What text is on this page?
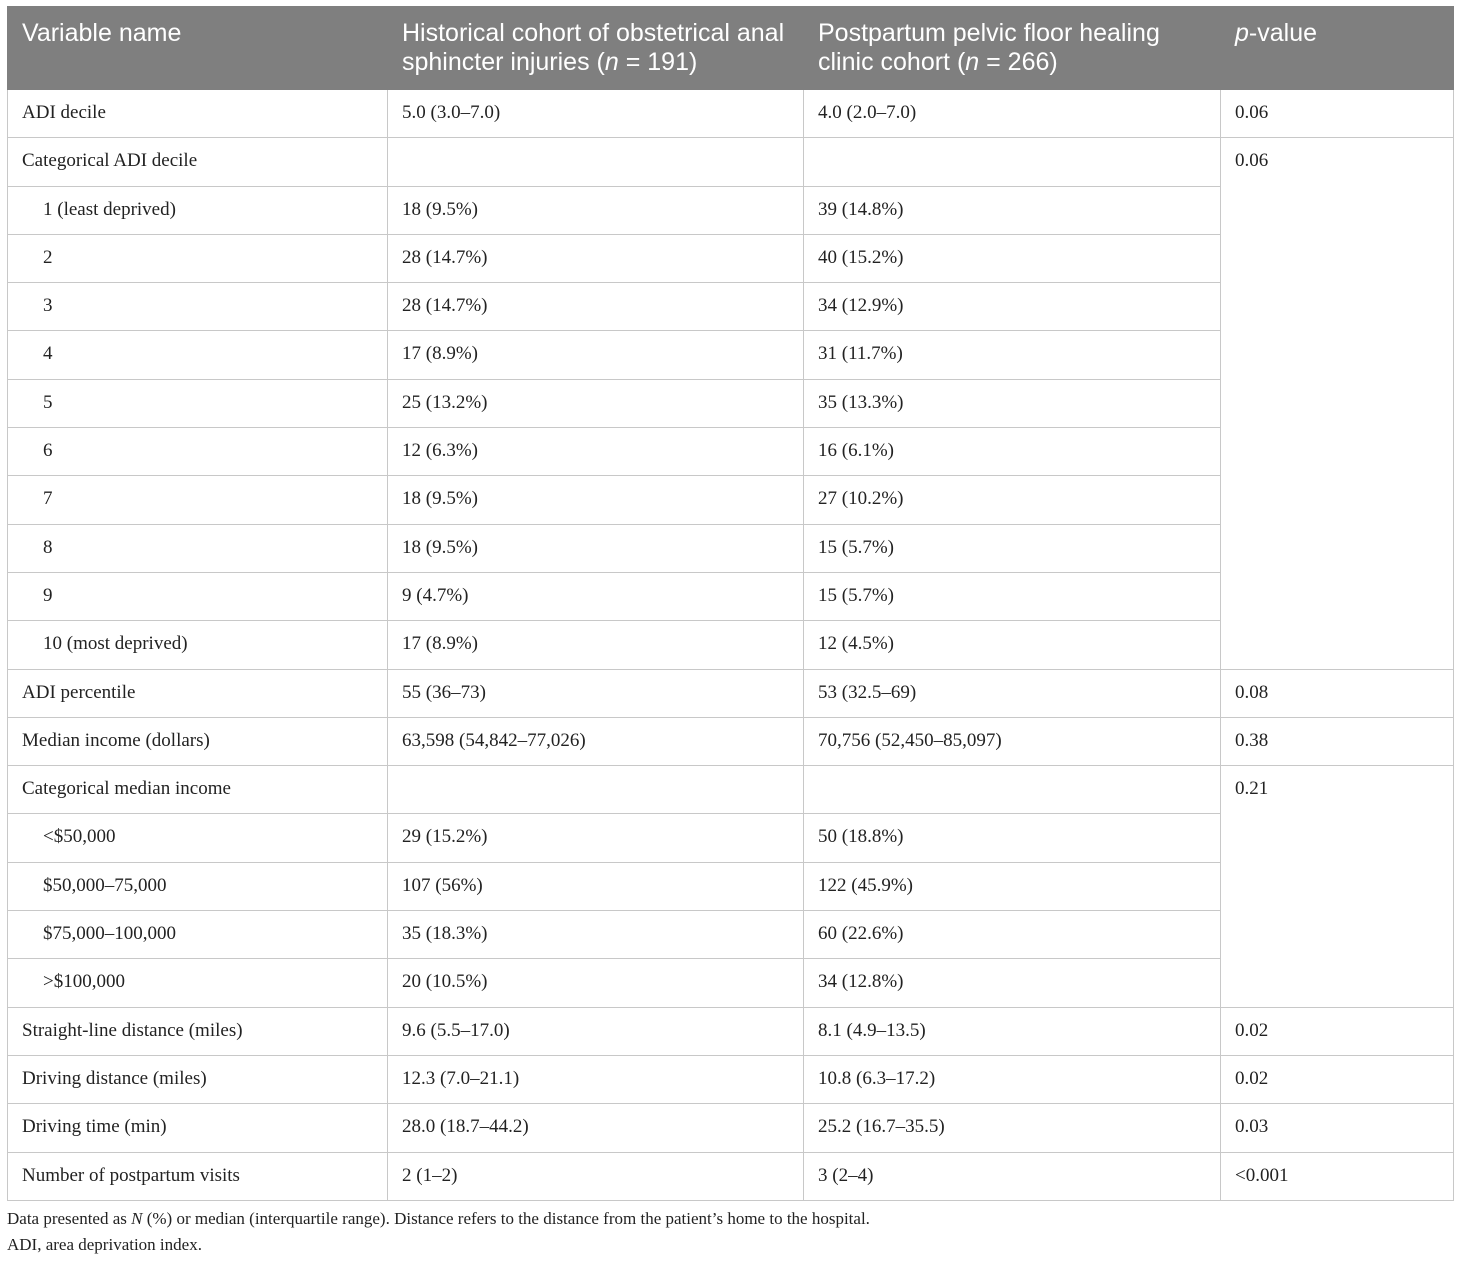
Variable name	Historical cohort of obstetrical anal sphincter injuries (n = 191)	Postpartum pelvic floor healing clinic cohort (n = 266)	p-value
ADI decile	5.0 (3.0–7.0)	4.0 (2.0–7.0)	0.06
Categorical ADI decile			0.06
1 (least deprived)	18 (9.5%)	39 (14.8%)	
2	28 (14.7%)	40 (15.2%)	
3	28 (14.7%)	34 (12.9%)	
4	17 (8.9%)	31 (11.7%)	
5	25 (13.2%)	35 (13.3%)	
6	12 (6.3%)	16 (6.1%)	
7	18 (9.5%)	27 (10.2%)	
8	18 (9.5%)	15 (5.7%)	
9	9 (4.7%)	15 (5.7%)	
10 (most deprived)	17 (8.9%)	12 (4.5%)	
ADI percentile	55 (36–73)	53 (32.5–69)	0.08
Median income (dollars)	63,598 (54,842–77,026)	70,756 (52,450–85,097)	0.38
Categorical median income			0.21
<$50,000	29 (15.2%)	50 (18.8%)	
$50,000–75,000	107 (56%)	122 (45.9%)	
$75,000–100,000	35 (18.3%)	60 (22.6%)	
>$100,000	20 (10.5%)	34 (12.8%)	
Straight-line distance (miles)	9.6 (5.5–17.0)	8.1 (4.9–13.5)	0.02
Driving distance (miles)	12.3 (7.0–21.1)	10.8 (6.3–17.2)	0.02
Driving time (min)	28.0 (18.7–44.2)	25.2 (16.7–35.5)	0.03
Number of postpartum visits	2 (1–2)	3 (2–4)	<0.001
Data presented as N (%) or median (interquartile range). Distance refers to the distance from the patient’s home to the hospital.
ADI, area deprivation index.
